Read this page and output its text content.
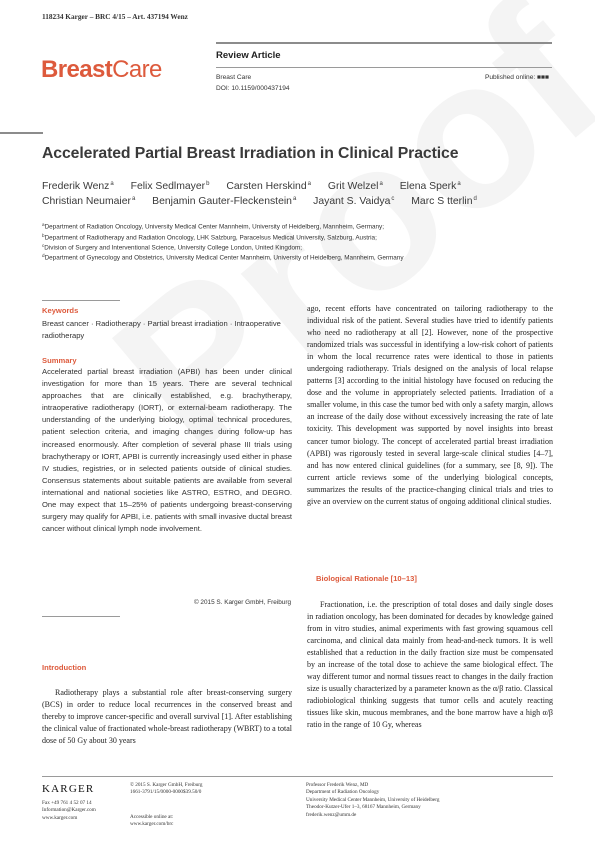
118234 Karger – BRC 4/15 – Art. 437194 Wenz
BreastCare
Review Article
Breast Care
DOI: 10.1159/000437194
Published online: ■■■
Accelerated Partial Breast Irradiation in Clinical Practice
Frederik Wenz$^a$ Felix Sedlmayer$^b$ Carsten Herskind$^a$ Grit Welzel$^a$ Elena Sperk$^a$
Christian Neumaier$^a$ Benjamin Gauter-Fleckenstein$^a$ Jayant S. Vaidya$^c$ Marc S tterlin$^d$
$^a$Department of Radiation Oncology, University Medical Center Mannheim, University of Heidelberg, Mannheim, Germany;
$^b$Department of Radiotherapy and Radiation Oncology, LHK Salzburg, Paracelsus Medical University, Salzburg, Austria;
$^c$Division of Surgery and Interventional Science, University College London, United Kingdom;
$^d$Department of Gynecology and Obstetrics, University Medical Center Mannheim, University of Heidelberg, Mannheim, Germany
Keywords
Breast cancer · Radiotherapy · Partial breast irradiation · Intraoperative radiotherapy
Summary
Accelerated partial breast irradiation (APBI) has been under clinical investigation for more than 15 years. There are several technical approaches that are clinically established, e.g. brachytherapy, intraoperative radiotherapy (IORT), or external-beam radiotherapy. The understanding of the underlying biology, optimal technical procedures, patient selection criteria, and imaging changes during follow-up has increased enormously. After completion of several phase III trials using brachytherapy or IORT, APBI is currently increasingly used either in phase IV studies, registries, or in selected patients outside of clinical studies. Consensus statements about suitable patients are available from several international and national societies like ASTRO, ESTRO, and DEGRO. One may expect that 15–25% of patients undergoing breast-conserving surgery may qualify for APBI, i.e. patients with small invasive ductal breast cancer without clinical lymph node involvement.
© 2015 S. Karger GmbH, Freiburg
Introduction
Radiotherapy plays a substantial role after breast-conserving surgery (BCS) in order to reduce local recurrences in the conserved breast and thereby to improve cancer-specific and overall survival [1]. After establishing the clinical value of fractionated whole-breast radiotherapy (WBRT) to a total dose of 50 Gy about 30 years
ago, recent efforts have concentrated on tailoring radiotherapy to the individual risk of the patient. Several studies have tried to identify patients who need no radiotherapy at all [2]. However, none of the prospective randomized trials was successful in identifying a low-risk cohort of patients in whom the local recurrence rates were identical to those in patients undergoing radiotherapy. Trials designed on the analysis of local relapse patterns [3] according to the initial histology have focused on reducing the dose and the volume in appropriately selected patients. Irradiation of a smaller volume, in this case the tumor bed with only a safety margin, allows an increase of the daily dose without excessively increasing the rate of late toxicity. This development was supported by novel insights into breast cancer tumor biology. The concept of accelerated partial breast irradiation (APBI) was rigorously tested in several large-scale clinical studies [4–7], and has now entered clinical guidelines (for a summary, see [8, 9]). The current article reviews some of the underlying biological concepts, summarizes the results of the practice-changing clinical trials and tries to give an overview on the current status of ongoing additional clinical studies.
Biological Rationale [10–13]
Fractionation, i.e. the prescription of total doses and daily single doses in radiation oncology, has been dominated for decades by knowledge gained from in vitro studies, animal experiments with fast growing squamous cell carcinoma, and clinical data mainly from head-and-neck tumors. It is well established that a reduction in the daily fraction size must be compensated by an increase of the total dose to achieve the same biological effect. The way different tumor and normal tissues react to changes in the daily fraction size is usually characterized by a parameter known as the α/β ratio. Classical radiobiological thinking suggests that tumor cells and acutely reacting tissues like skin, mucous membranes, and the bone marrow have a high α/β ratio in the range of 10 Gy, whereas
KARGER
Fax +49 761 4 52 07 14
Information@Karger.com
www.karger.com
© 2015 S. Karger GmbH, Freiburg
1661-3791/15/0000-0000$39.50/0
Accessible online at:
www.karger.com/brc
Professor Frederik Wenz, MD
Department of Radiation Oncology
University Medical Center Mannheim, University of Heidelberg
Theodor-Kutzer-Ufer 1–3, 68167 Mannheim, Germany
frederik.wenz@umm.de
